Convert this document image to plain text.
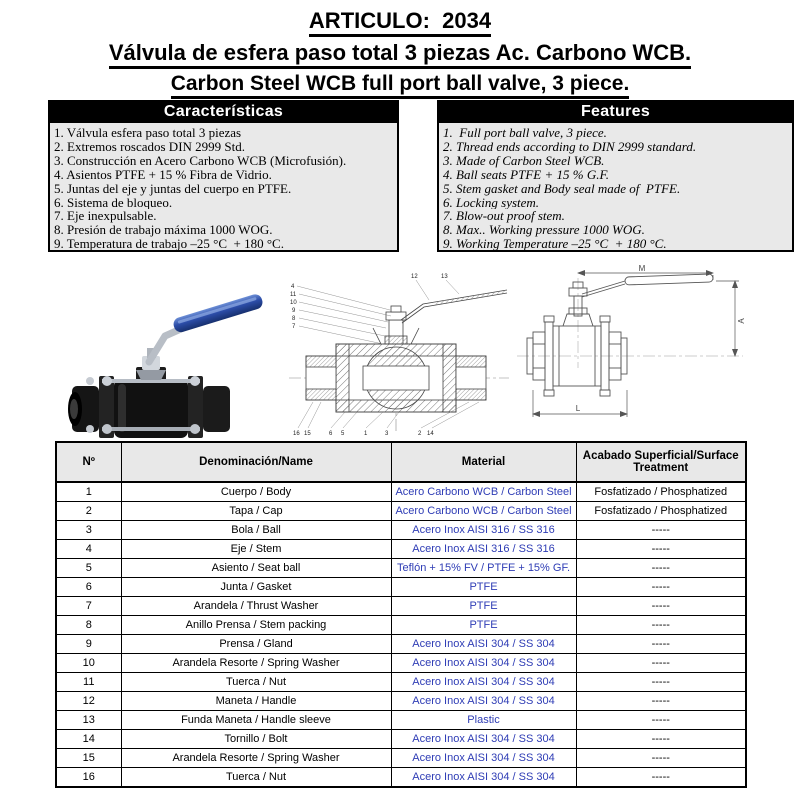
ARTICULO:  2034
Válvula de esfera paso total 3 piezas Ac. Carbono WCB.
Carbon Steel WCB full port ball valve, 3 piece.
Características
1. Válvula esfera paso total 3 piezas
2. Extremos roscados DIN 2999 Std.
3. Construcción en Acero Carbono WCB (Microfusión).
4. Asientos PTFE + 15 % Fibra de Vidrio.
5. Juntas del eje y juntas del cuerpo en PTFE.
6. Sistema de bloqueo.
7. Eje inexpulsable.
8. Presión de trabajo máxima 1000 WOG.
9. Temperatura de trabajo –25 °C  + 180 °C.
Features
1.  Full port ball valve, 3 piece.
2. Thread ends according to DIN 2999 standard.
3. Made of Carbon Steel WCB.
4. Ball seats PTFE + 15 % G.F.
5. Stem gasket and Body seal made of  PTFE.
6. Locking system.
7. Blow-out proof stem.
8. Max.. Working pressure 1000 WOG.
9. Working Temperature –25 °C  + 180 °C.
4
11
10
9
8
7
12	13
16 15	6 5	1	3	2 14
M
A
L
Nº	Denominación/Name	Material	Acabado Superficial/Surface Treatment
1	Cuerpo / Body	Acero Carbono WCB / Carbon Steel	Fosfatizado / Phosphatized
2	Tapa / Cap	Acero Carbono WCB / Carbon Steel	Fosfatizado / Phosphatized
3	Bola / Ball	Acero Inox AISI 316 / SS 316	-----
4	Eje / Stem	Acero Inox AISI 316 / SS 316	-----
5	Asiento / Seat ball	Teflón + 15% FV / PTFE + 15% GF.	-----
6	Junta / Gasket	PTFE	-----
7	Arandela / Thrust Washer	PTFE	-----
8	Anillo Prensa / Stem packing	PTFE	-----
9	Prensa / Gland	Acero Inox AISI 304 / SS 304	-----
10	Arandela Resorte / Spring Washer	Acero Inox AISI 304 / SS 304	-----
11	Tuerca / Nut	Acero Inox AISI 304 / SS 304	-----
12	Maneta / Handle	Acero Inox AISI 304 / SS 304	-----
13	Funda Maneta / Handle sleeve	Plastic	-----
14	Tornillo / Bolt	Acero Inox AISI 304 / SS 304	-----
15	Arandela Resorte / Spring Washer	Acero Inox AISI 304 / SS 304	-----
16	Tuerca / Nut	Acero Inox AISI 304 / SS 304	-----
